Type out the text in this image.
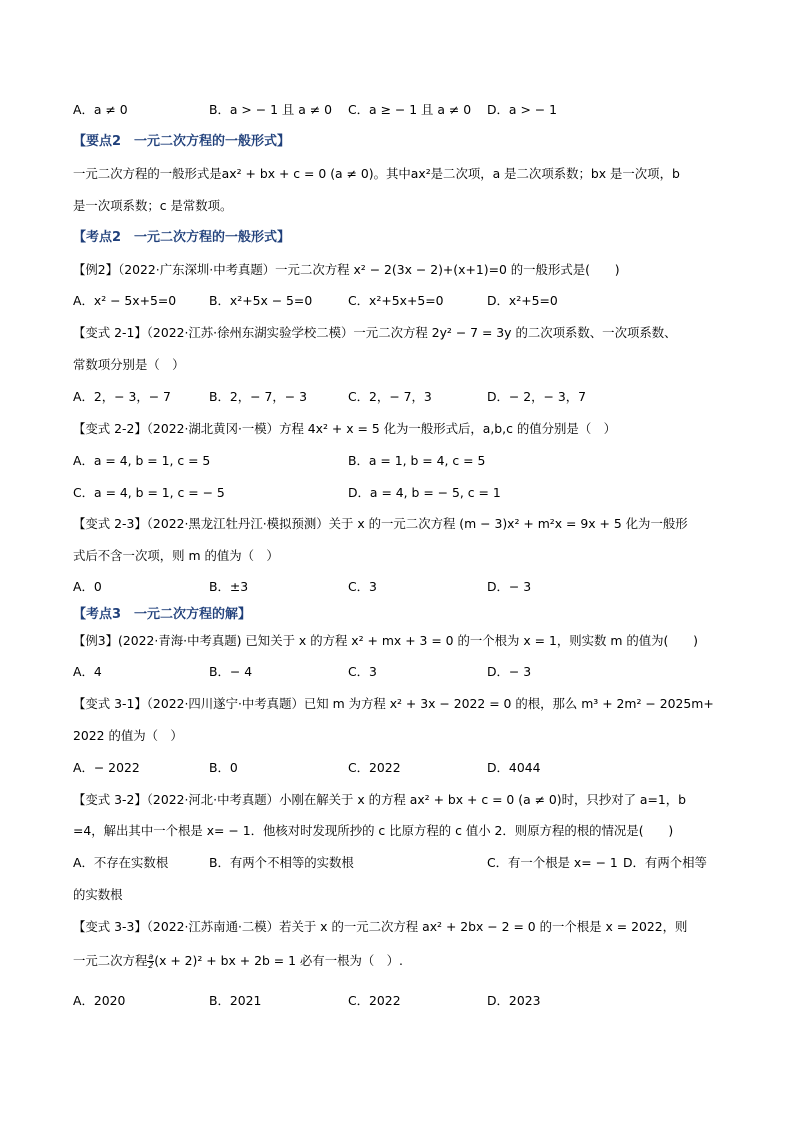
A．a ≠ 0	B．a > − 1 且 a ≠ 0 C．a ≥ − 1 且 a ≠ 0 D．a > − 1
【要点2　一元二次方程的一般形式】
一元二次方程的一般形式是ax² + bx + c = 0 (a ≠ 0)。其中ax²是二次项，a 是二次项系数；bx 是一次项，b
是一次项系数；c 是常数项。
【考点2　一元二次方程的一般形式】
【例2】（2022·广东深圳·中考真题）一元二次方程 x² − 2(3x − 2)+(x+1)=0 的一般形式是(　　)
A．x² − 5x+5=0	B．x²+5x − 5=0	C．x²+5x+5=0	D．x²+5=0
【变式 2-1】（2022·江苏·徐州东湖实验学校二模）一元二次方程 2y² − 7 = 3y 的二次项系数、一次项系数、
常数项分别是（　）
A．2，− 3，− 7	B．2，− 7，− 3	C．2，− 7，3	D．− 2，− 3，7
【变式 2-2】（2022·湖北黄冈·一模）方程 4x² + x = 5 化为一般形式后，a,b,c 的值分别是（　）
A．a = 4, b = 1, c = 5	B．a = 1, b = 4, c = 5
C．a = 4, b = 1, c = − 5	D．a = 4, b = − 5, c = 1
【变式 2-3】（2022·黑龙江牡丹江·模拟预测）关于 x 的一元二次方程 (m − 3)x² + m²x = 9x + 5 化为一般形
式后不含一次项，则 m 的值为（　）
A．0	B．±3	C．3	D．− 3
【考点3　一元二次方程的解】
【例3】(2022·青海·中考真题) 已知关于 x 的方程 x² + mx + 3 = 0 的一个根为 x = 1，则实数 m 的值为(　　)
A．4	B．− 4	C．3	D．− 3
【变式 3-1】（2022·四川遂宁·中考真题）已知 m 为方程 x² + 3x − 2022 = 0 的根，那么 m³ + 2m² − 2025m+
2022 的值为（　）
A．− 2022	B．0	C．2022	D．4044
【变式 3-2】（2022·河北·中考真题）小刚在解关于 x 的方程 ax² + bx + c = 0 (a ≠ 0)时，只抄对了 a=1，b
=4，解出其中一个根是 x= − 1．他核对时发现所抄的 c 比原方程的 c 值小 2．则原方程的根的情况是(　　)
A．不存在实数根	B．有两个不相等的实数根	C．有一个根是 x= − 1 D．有两个相等
的实数根
【变式 3-3】（2022·江苏南通·二模）若关于 x 的一元二次方程 ax² + 2bx − 2 = 0 的一个根是 x = 2022，则
一元二次方程 $\frac{a}{2} (x + 2)^2$ + bx + 2b = 1 必有一根为（　）.
A．2020	B．2021	C．2022	D．2023
